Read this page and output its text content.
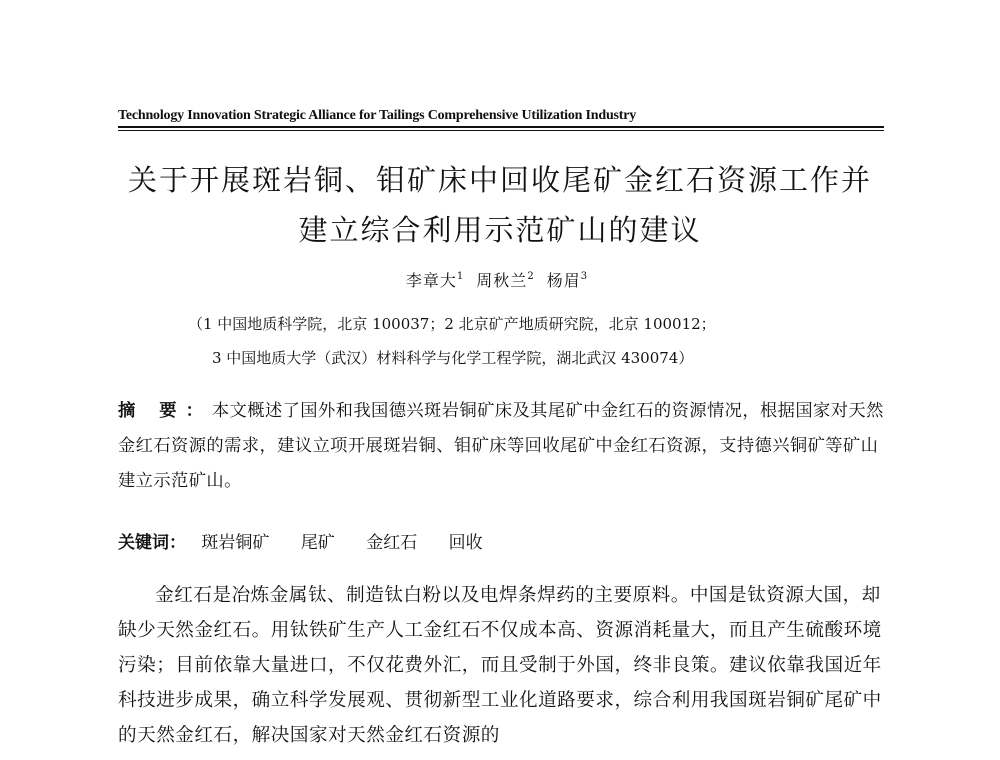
Technology Innovation Strategic Alliance for Tailings Comprehensive Utilization Industry
关于开展斑岩铜、钼矿床中回收尾矿金红石资源工作并
建立综合利用示范矿山的建议
李章大$^1$ 周秋兰$^2$ 杨眉$^3$
（1 中国地质科学院，北京 100037；2 北京矿产地质研究院，北京 100012；
3 中国地质大学（武汉）材料科学与化学工程学院，湖北武汉 430074）
摘 要：本文概述了国外和我国德兴斑岩铜矿床及其尾矿中金红石的资源情况，根据国家对天然金红石资源的需求，建议立项开展斑岩铜、钼矿床等回收尾矿中金红石资源，支持德兴铜矿等矿山建立示范矿山。
关键词： 斑岩铜矿 尾矿 金红石 回收
金红石是冶炼金属钛、制造钛白粉以及电焊条焊药的主要原料。中国是钛资源大国，却缺少天然金红石。用钛铁矿生产人工金红石不仅成本高、资源消耗量大，而且产生硫酸环境污染；目前依靠大量进口，不仅花费外汇，而且受制于外国，终非良策。建议依靠我国近年科技进步成果，确立科学发展观、贯彻新型工业化道路要求，综合利用我国斑岩铜矿尾矿中的天然金红石，解决国家对天然金红石资源的
